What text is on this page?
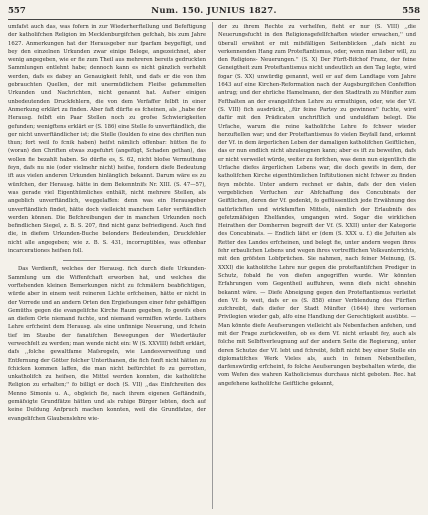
557	Num. 150. JUNIUS 1827.	558

umfafst auch das, was fofern in zur Wiederherftellung und Befeftigung der katholifchen Religion im Mecklenburgifchen gefchah, bis zum Jahre 1627. Anmerkungen hat der Herausgeber nur fparfam beygefügt, und bey den einzelnen Urkunden zwar einige Belege, angezeichnet, aber wenig angegeben, wie er fie zum Theil aus mehreren bereits gedruckten Sammlungen entlehnt habe; dennoch kann es nicht gänzlich verhehlt werden, dafs es dabey an Genauigkeit fehlt, und dafs er die von ihm gebrauchten Quellen, der mit unermüdlichem Fleifse gefammelten Urkunden und Nachrichten, nicht genannt hat. Aufser einigen unbedeutenden Druckfehlern, die von dem Verfaffer felbft in einer Anmerkung erklärt zu finden. Aber faft dürfte es fcheinen, als ,,habe der Herausg. felbft ein Paar Stellen noch zu grofse Schwierigkeiten gefunden; wenigftens erklärt er (S. 186) eine Stelle fo unverftändlich, die ger nicht unverftändlicher ist; die Stelle (Ioulden fo eine des chriften nun thun; fort weil fo fcnik haben) heifst nämlich offenbar: hütten fie fo (woran) den Chriften etwas zugefuhrt (angefügt, Schaden gethan), das wollen fie bezahlt haben. So dürfte es, S. 62, nicht blofse Vermuthung feyn, dafs nu nie (oder vielmehr nicht) heifse, fondern diefe Bedeutung ift aus vielen anderen Urkunden hinlänglich bekannt. Darum wäre es zu wünfchen, der Herausg. hätte in dem Bekenntnifs Nr. XIII. (S. 47—57), was gerade viel Eigenthümliches enthält, nicht mehrere Stellen, als angeblich unverftändlich, weggelaffen: denn was ein Herausgeber unverftändlich findet, hätte doch vielleicht manchem Lefer verftändlich werden können. Die Befchreibungen der in manchen Urkunden noch befindlichen Siegel, z. B. S. 207, find nicht ganz befriedigend. Auch find die, in diefem Urkunden-Buche belonders Bedeutenden, Druckfehler nicht alle angegeben; wie z. B. S. 431, incorruptibles, was offenbar incarcerationes heifsen foll.

Das Verdienft, welches der Herausg. fich durch diefe Urkunden-Sammlung um die Wiffenfchaft erworben hat, und welches die vorftehenden kleinen Bemerkungen nicht zu fchmälern beabfichtigen, würde aber in einem weit reineren Lichte erfcheinen, hätte er nicht in der Vorrede und an andern Orten den Ergiefsungen einer fehr gehäffigen Gemüths gegen die evangelifche Kirche Raum gegeben, fo gewifs eben an diefem Orte niemand fuchte, und niemand vermiffen würde. Luthers Lehre erfcheint dem Herausg. als eine unfinnige Neuerung, und fchein tief im Staube der fanatifchen Bewegungen der Wiedertäufer verwechfelt zu werden; man wende nicht ein: W (S. XXVIII) felbft erklärt, dafs ,,folche gewaltfame Maſsregeln, wie Landesverweifung und Entfernung der Götter folcher Unterthanen, die fich fonft nicht hätten zu fchicken kommen laffen, die man nicht befürchtet fo zu gerrotten, unkatholifch zu heifsen, die Mittel werden konnten, die katholifche Religion zu erhalten;'' fo billigt er doch (S. VII) ,,das Einfchreiten des Menno Simonis u. A., obgleich fie, nach ihrem eigenen Geftändnifs, gemäfsigte Grundfätze hätten und als ruhige Bürger lebten, doch auf keine Duldung Anfpruch machen konnten, weil die Grundfatze, der evangelifchen Glaubenslehre wie-

der zu ihrem Rechte zu verhelfen, fieht er nur (S. VIII) ,,die Neuerungsfucht in den Religionsgefellfchaften wieder erwachen,'' und überall erwähnt er mit mifsfälligen Seitenblicken ,,dafs nicht zu verkennenden Hang zum Proteftantismus, oder, wenn man lieber will, zu den Religions- Neuerungen.'' (S. X) Der Fürft-Bifchof Franz, der feine Geneigtheit zum Proteftantismus nicht undeutlich an den Tag legte, wird fogar (S. XX) unwürdig genannt, weil er auf dem Landtage vom Jahre 1643 auf eine Kirchen-Reformation nach der Augsburgifchen Confeffion antrug; und der ehrliche Hamelmann, der den Stadtrath zu Münfter zum Fefthalten an der evangelifchen Lehre zu ermuthigen, oder, wie der Vf. (S. VIII) fich ausdrückt, ,,für feine Partey zu gewinnen'' fuchte, wird dafür mit den Prädicaten unchriftlich und unduldfam belegt. Die Urfache, warum die reine katholifche Lehre fo fchwer wieder herzuftellen war; und der Proteftantismus fo vielen Beyfall fand, erkennt der Vf. in dem ärgerlichen Leben der damaligen katholifchen Geiftlichen, das er nun endlich nicht abzuleugnen kann; aber es ift zu beweifen, dafs er nicht verweilet würde, weiter zu forfchen, was denn nun eigentlich die Urfache diefes ärgerlichen Lebens war, die doch gewifs in dem, der katholifchen Kirche eigenthümlichen Inftitutionen nicht fchwer zu finden feyn möchte. Unter andern rechnet er dahin, dafs der den vielen vergeblichen Verfuchen zur Abfchaffung des Concubinats der Geiftlichen, deren der Vf. gedenkt, fo geflüssentlich jede Erwähnung des natürlichften und wirkfamften Mittels, nämlich der Erlaubnifs des gefetzmäfsigen Ehelfandes, umgangen wird. Sogar die wirklichen Heirathen der Domherren begreift der Vf. (S. XXII) unter der Kategorie des Concubinats. — Endlich läfst er (dem (S. XXX u. f.) die Jefuiten als Retter des Landes erfcheinen, und belegt fie, unter andern wegen ihres fehr erbaulichen Lebens und wegen ihres vortrefflichen Volksunterrichts, mit den gröfsten Lobfprüchen. Sie nahmen, nach feiner Meinung, (S. XXXI) die katholifche Lehre nur gegen die proteftantifchen Prediger in Schutz, fobald fie von diefen angegriffen wurde. Wir könnten Erfahrungen vom Gegentheil auffuhren, wenn diefs nicht ohnehin bekannt wäre. — Diefe Abneigung gegen den Proteftantismus verleitet den Vf. fo weit, dafs er es (S. 858) einer Verblendung des Fürften zufchreibt, dafs diefer der Stadt Münfter (1644) ihre verlornen Privilegien wieder gab, alfo eine Handlung der Gerechtigkeit ausübte. — Man könnte diefe Aeufserungen vielleicht als Nebenfachen anfehen, und mit der Frage zurückweifen, ob es dem Vf. nicht erlaubt fey, auch als folche mit Selbftverleugnung auf der andern Seite die Regierung, unter deren Schutze der Vf. lebt und fchreibt, felbft nicht bey einer Stelle ein diplomatifches Werk Vieles als, auch in feinen Nebentheilen, darfenswürdig erfcheint, fo folche Aeufserungen beybehalten würde, die vom Wefen des wahren Katholicismus durchaus nicht geboten. Rec. hat angefehene katholifche Geiftliche gekannt,
